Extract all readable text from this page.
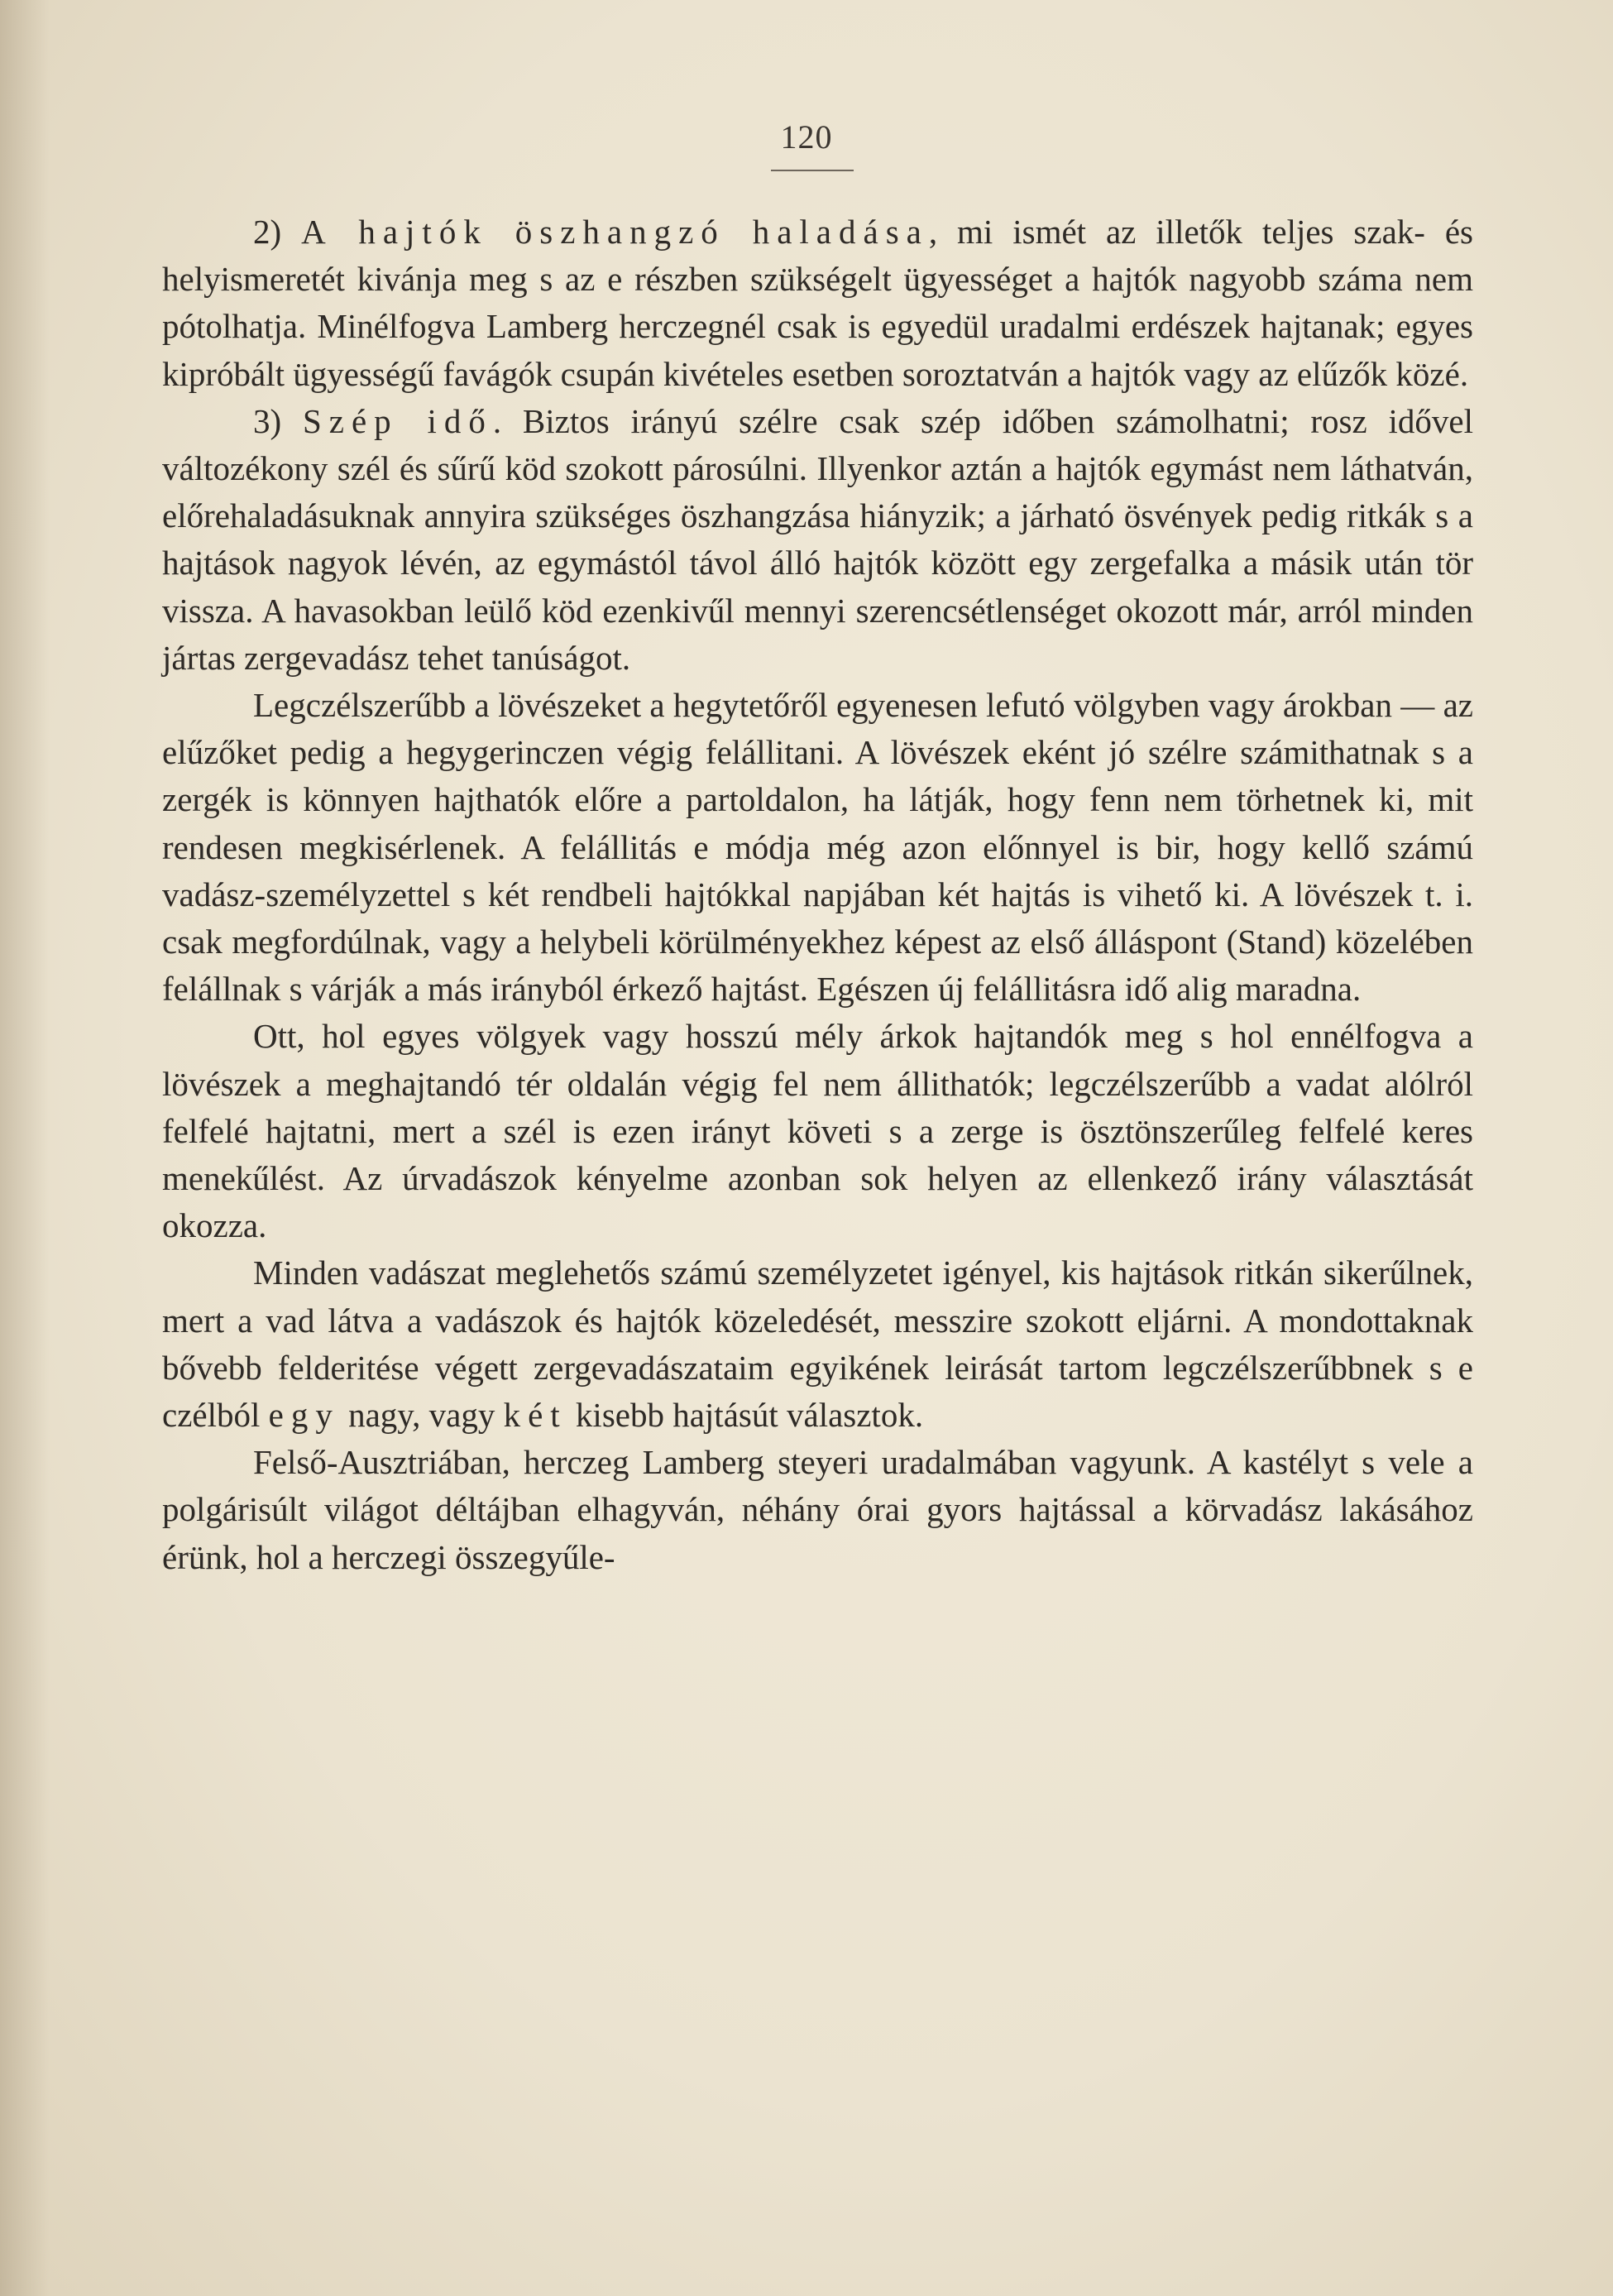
120

2) A hajtók öszhangzó haladása, mi ismét az illetők teljes szak- és helyismeretét kivánja meg s az e részben szükségelt ügyességet a hajtók nagyobb száma nem pótolhatja. Minélfogva Lamberg herczegnél csak is egyedül uradalmi erdészek hajtanak; egyes kipróbált ügyességű favágók csupán kivételes esetben soroztatván a hajtók vagy az elűzők közé.

3) Szép idő. Biztos irányú szélre csak szép időben számolhatni; rosz idővel változékony szél és sűrű köd szokott párosúlni. Illyenkor aztán a hajtók egymást nem láthatván, előrehaladásuknak annyira szükséges öszhangzása hiányzik; a járható ösvények pedig ritkák s a hajtások nagyok lévén, az egymástól távol álló hajtók között egy zergefalka a másik után tör vissza. A havasokban leülő köd ezenkivűl mennyi szerencsétlenséget okozott már, arról minden jártas zergevadász tehet tanúságot.

Legczélszerűbb a lövészeket a hegytetőről egyenesen lefutó völgyben vagy árokban — az elűzőket pedig a hegygerinczen végig felállitani. A lövészek eként jó szélre számithatnak s a zergék is könnyen hajthatók előre a partoldalon, ha látják, hogy fenn nem törhetnek ki, mit rendesen megkisérlenek. A felállitás e módja még azon előnnyel is bir, hogy kellő számú vadász-személyzettel s két rendbeli hajtókkal napjában két hajtás is vihető ki. A lövészek t. i. csak megfordúlnak, vagy a helybeli körülményekhez képest az első álláspont (Stand) közelében felállnak s várják a más irányból érkező hajtást. Egészen új felállitásra idő alig maradna.

Ott, hol egyes völgyek vagy hosszú mély árkok hajtandók meg s hol ennélfogva a lövészek a meghajtandó tér oldalán végig fel nem állithatók; legczélszerűbb a vadat alólról felfelé hajtatni, mert a szél is ezen irányt követi s a zerge is ösztönszerűleg felfelé keres menekűlést. Az úrvadászok kényelme azonban sok helyen az ellenkező irány választását okozza.

Minden vadászat meglehetős számú személyzetet igényel, kis hajtások ritkán sikerűlnek, mert a vad látva a vadászok és hajtók közeledését, messzire szokott eljárni. A mondottaknak bővebb felderitése végett zergevadászataim egyikének leirását tartom legczélszerűbbnek s e czélból egy nagy, vagy két kisebb hajtásút választok.

Felső-Ausztriában, herczeg Lamberg steyeri uradalmában vagyunk. A kastélyt s vele a polgárisúlt világot déltájban elhagyván, néhány órai gyors hajtással a körvadász lakásához érünk, hol a herczegi összegyűle-
